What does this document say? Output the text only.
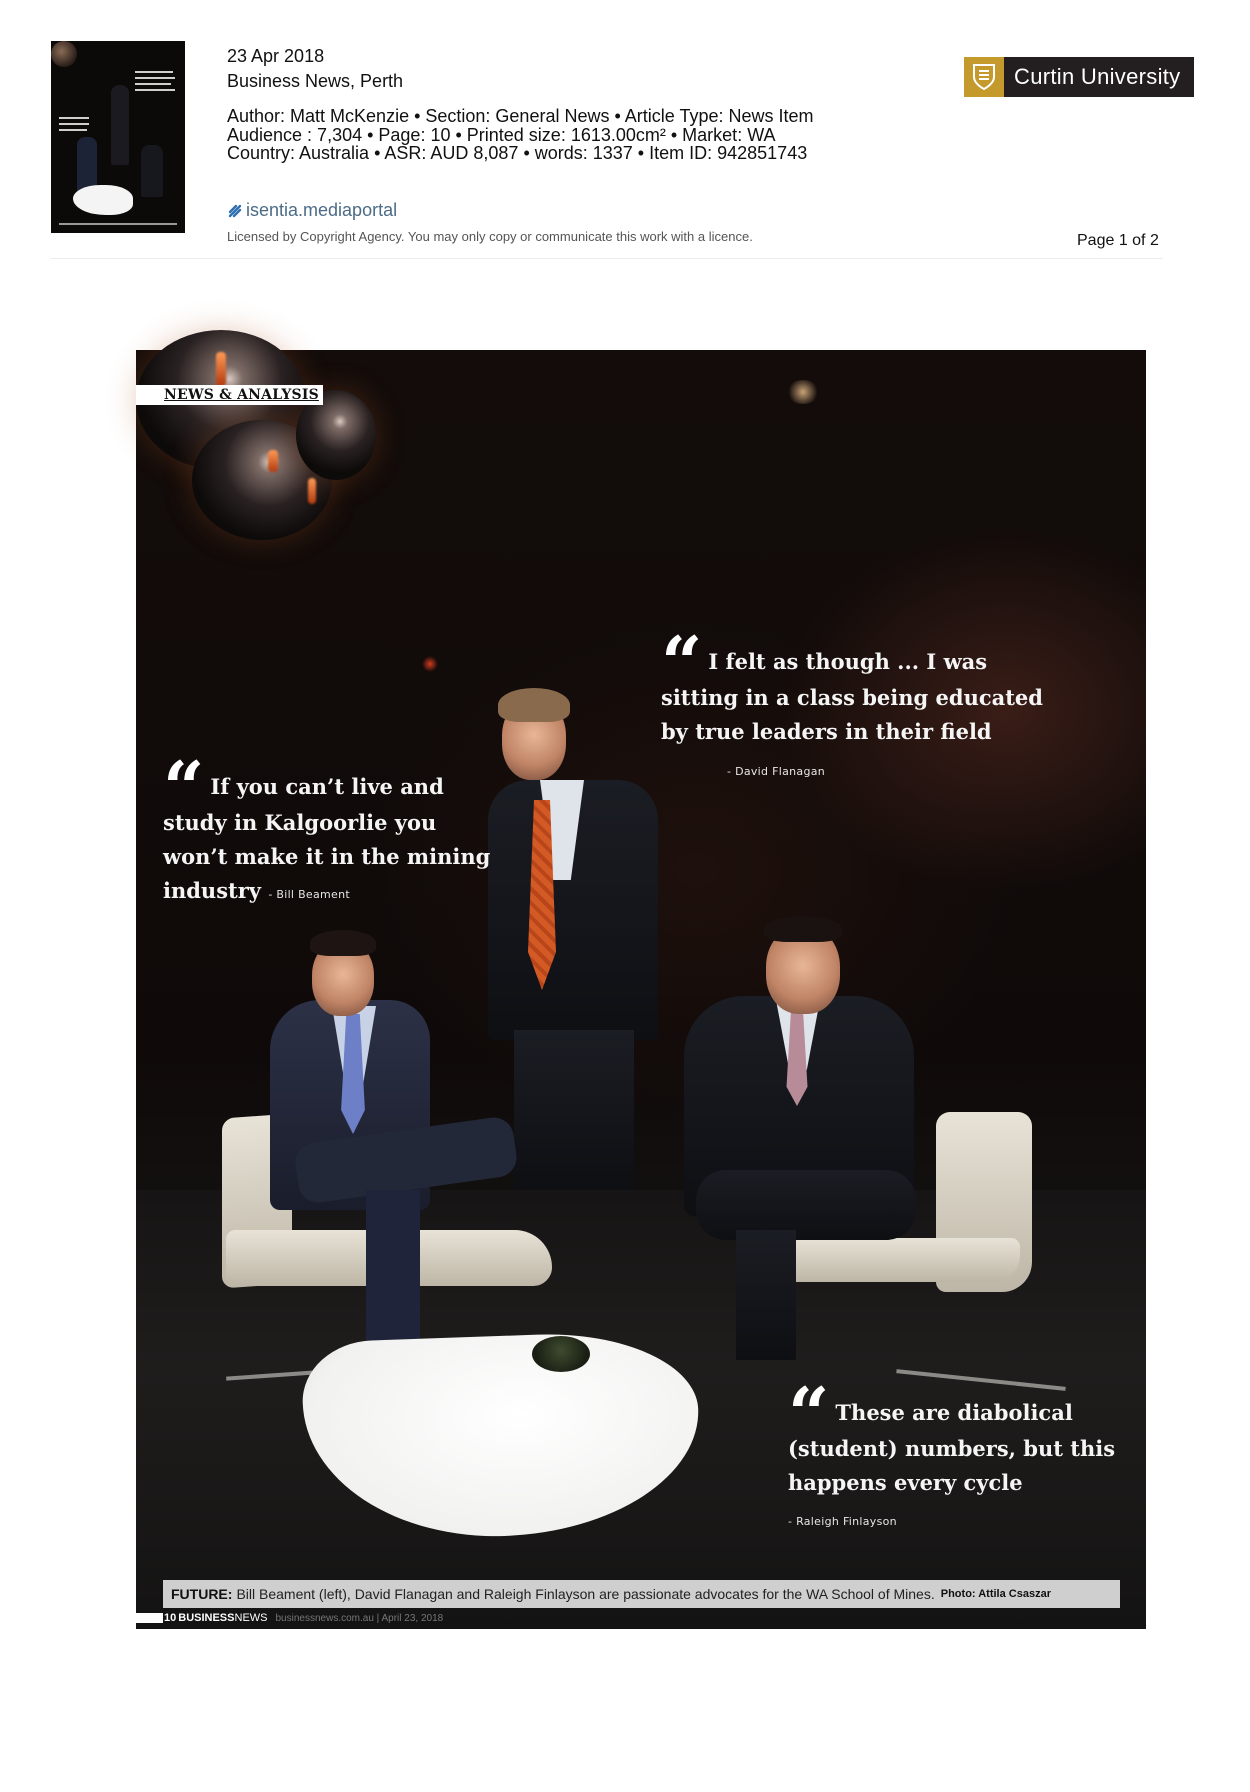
23 Apr 2018
Business News, Perth
Author: Matt McKenzie • Section: General News • Article Type: News Item
Audience : 7,304 • Page: 10 • Printed size: 1613.00cm² • Market: WA
Country: Australia • ASR: AUD 8,087 • words: 1337 • Item ID: 942851743
Curtin University
isentia.mediaportal
Licensed by Copyright Agency. You may only copy or communicate this work with a licence.	Page 1 of 2
NEWS & ANALYSIS
“ I felt as though ... I was
sitting in a class being educated
by true leaders in their field
- David Flanagan
“ If you can’t live and
study in Kalgoorlie you
won’t make it in the mining
industry - Bill Beament
“ These are diabolical
(student) numbers, but this
happens every cycle
- Raleigh Finlayson
FUTURE: Bill Beament (left), David Flanagan and Raleigh Finlayson are passionate advocates for the WA School of Mines. Photo: Attila Csaszar
10 BUSINESS NEWS businessnews.com.au | April 23, 2018
